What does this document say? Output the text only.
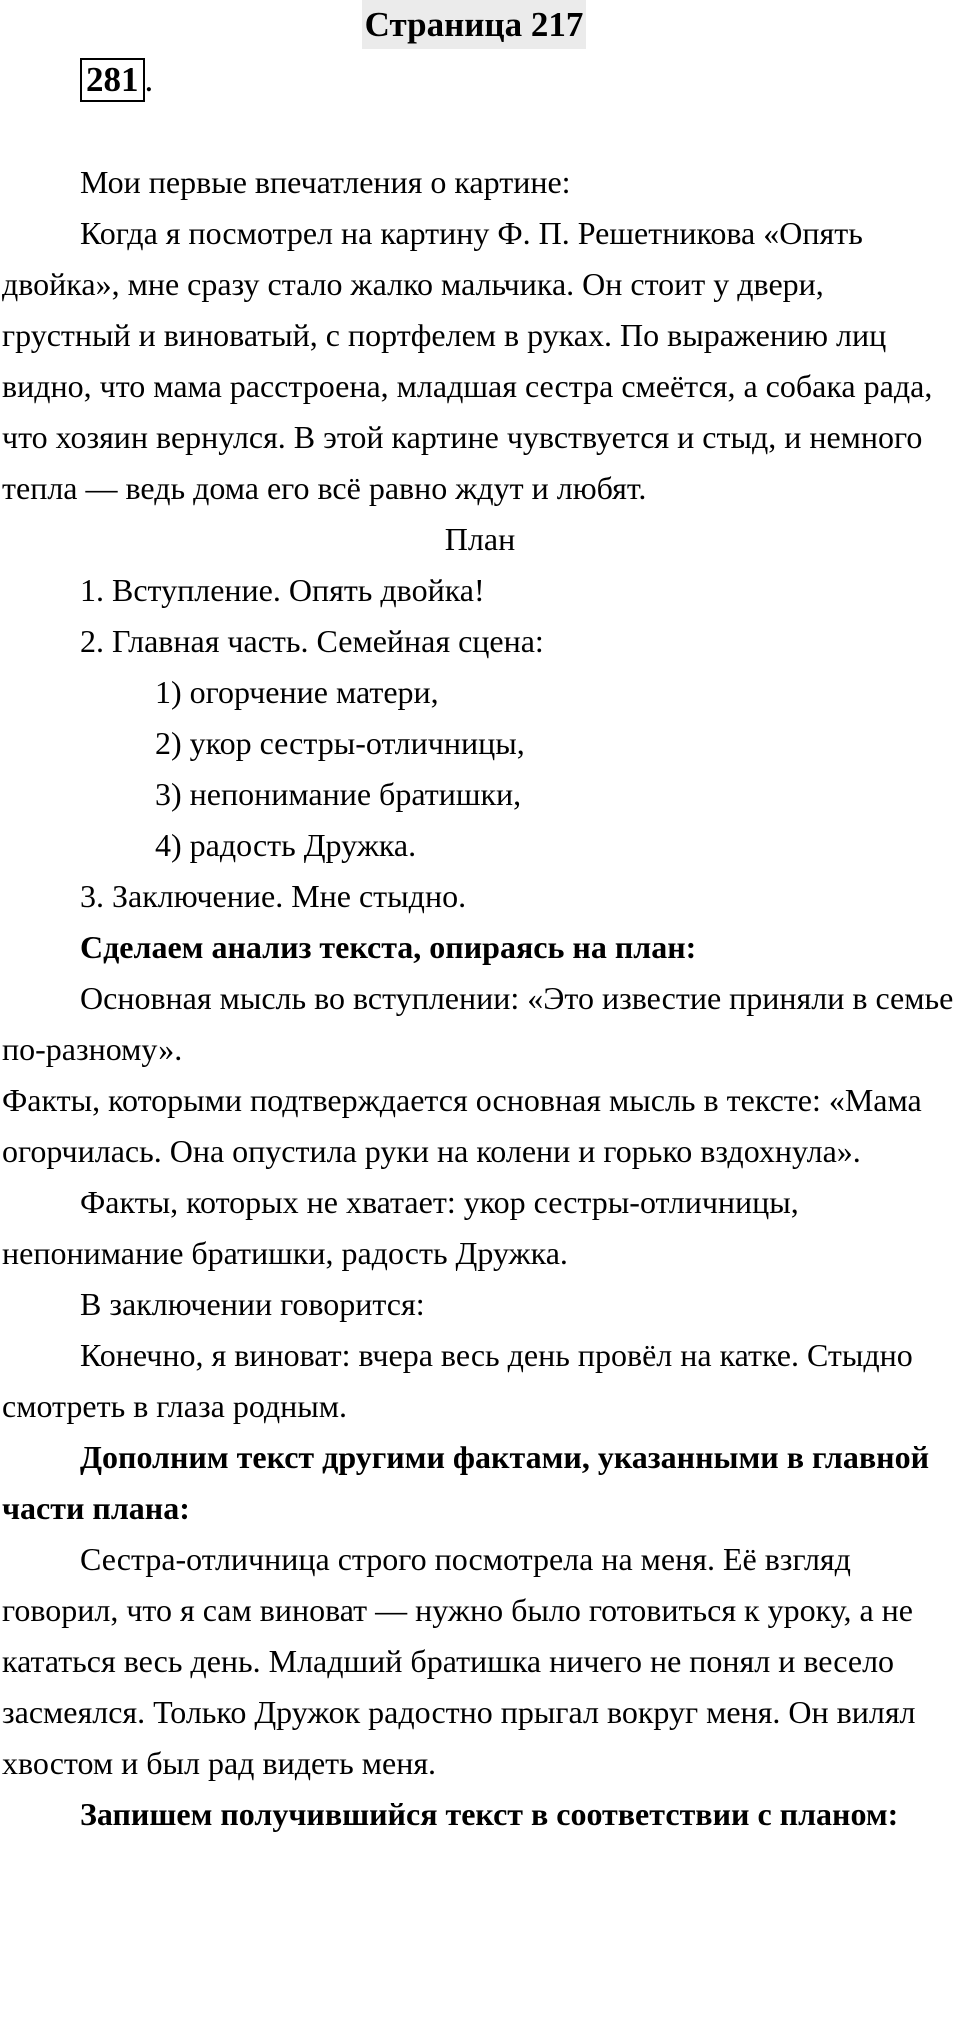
Страница 217
281 .

Мои первые впечатления о картине:

Когда я посмотрел на картину Ф. П. Решетникова «Опять двойка», мне сразу стало жалко мальчика. Он стоит у двери, грустный и виноватый, с портфелем в руках. По выражению лиц видно, что мама расстроена, младшая сестра смеётся, а собака рада, что хозяин вернулся. В этой картине чувствуется и стыд, и немного тепла — ведь дома его всё равно ждут и любят.

План

1. Вступление. Опять двойка!

2. Главная часть. Семейная сцена:

1) огорчение матери,

2) укор сестры-отличницы,

3) непонимание братишки,

4) радость Дружка.

3. Заключение. Мне стыдно.

Сделаем анализ текста, опираясь на план:

Основная мысль во вступлении: «Это известие приняли в семье по-разному».

Факты, которыми подтверждается основная мысль в тексте: «Мама огорчилась. Она опустила руки на колени и горько вздохнула».

Факты, которых не хватает: укор сестры-отличницы, непонимание братишки, радость Дружка.

В заключении говорится:

Конечно, я виноват: вчера весь день провёл на катке. Стыдно смотреть в глаза родным.

Дополним текст другими фактами, указанными в главной части плана:

Сестра-отличница строго посмотрела на меня. Её взгляд говорил, что я сам виноват — нужно было готовиться к уроку, а не кататься весь день. Младший братишка ничего не понял и весело засмеялся. Только Дружок радостно прыгал вокруг меня. Он вилял хвостом и был рад видеть меня.

Запишем получившийся текст в соответствии с планом:
